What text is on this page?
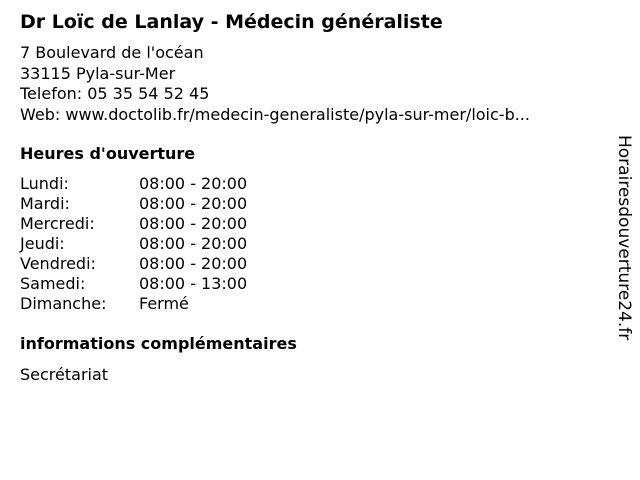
Dr Loïc de Lanlay - Médecin généraliste
7 Boulevard de l'océan
33115 Pyla-sur-Mer
Telefon: 05 35 54 52 45
Web: www.doctolib.fr/medecin-generaliste/pyla-sur-mer/loic-b...
Heures d'ouverture
Lundi:	08:00 - 20:00
Mardi:	08:00 - 20:00
Mercredi:	08:00 - 20:00
Jeudi:	08:00 - 20:00
Vendredi:	08:00 - 20:00
Samedi:	08:00 - 13:00
Dimanche: Fermé
informations complémentaires
Secrétariat
Horairesdouverture24.fr
